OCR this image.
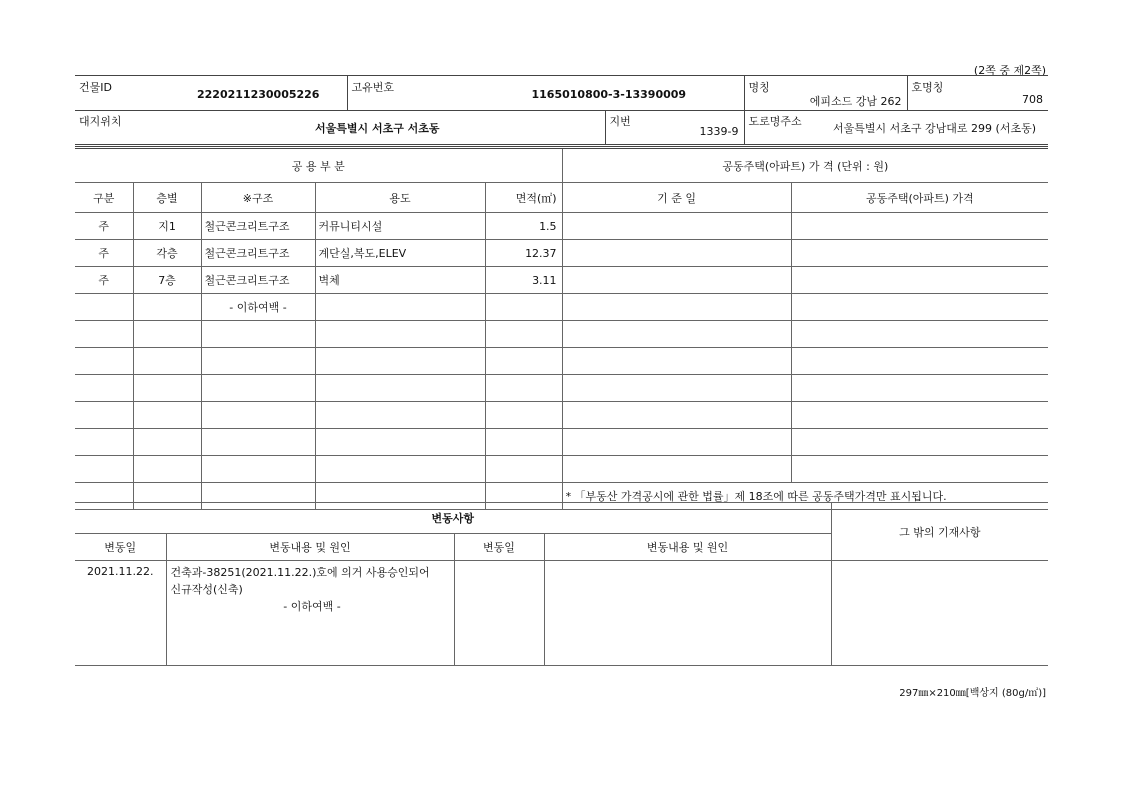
(2쪽 중 제2쪽)
건물ID
2220211230005226

고유번호
1165010800-3-13390009

명칭
에피소드 강남 262

호명칭
708
대지위치
서울특별시 서초구 서초동

지번
1339-9

도로명주소
서울특별시 서초구 강남대로 299 (서초동)
공 용 부 분					공동주택(아파트) 가 격 (단위 : 원)	
구분	층별	※구조	용도	면적(㎡)	기 준 일	공동주택(아파트) 가격
주	지1	철근콘크리트구조	커뮤니티시설	1.5		
주	각층	철근콘크리트구조	계단실,복도,ELEV	12.37		
주	7층	철근콘크리트구조	벽체	3.11		
		- 이하여백 -				

					* 「부동산 가격공시에 관한 법률」제 18조에 따른 공동주택가격만 표시됩니다.	
변동사항				그 밖의 기재사항
변동일	변동내용 및 원인	변동일	변동내용 및 원인	
2021.11.22.	건축과-38251(2021.11.22.)호에 의거 사용승인되어
신규작성(신축)
- 이하여백 -			

297㎜×210㎜[백상지 (80g/㎡)]
